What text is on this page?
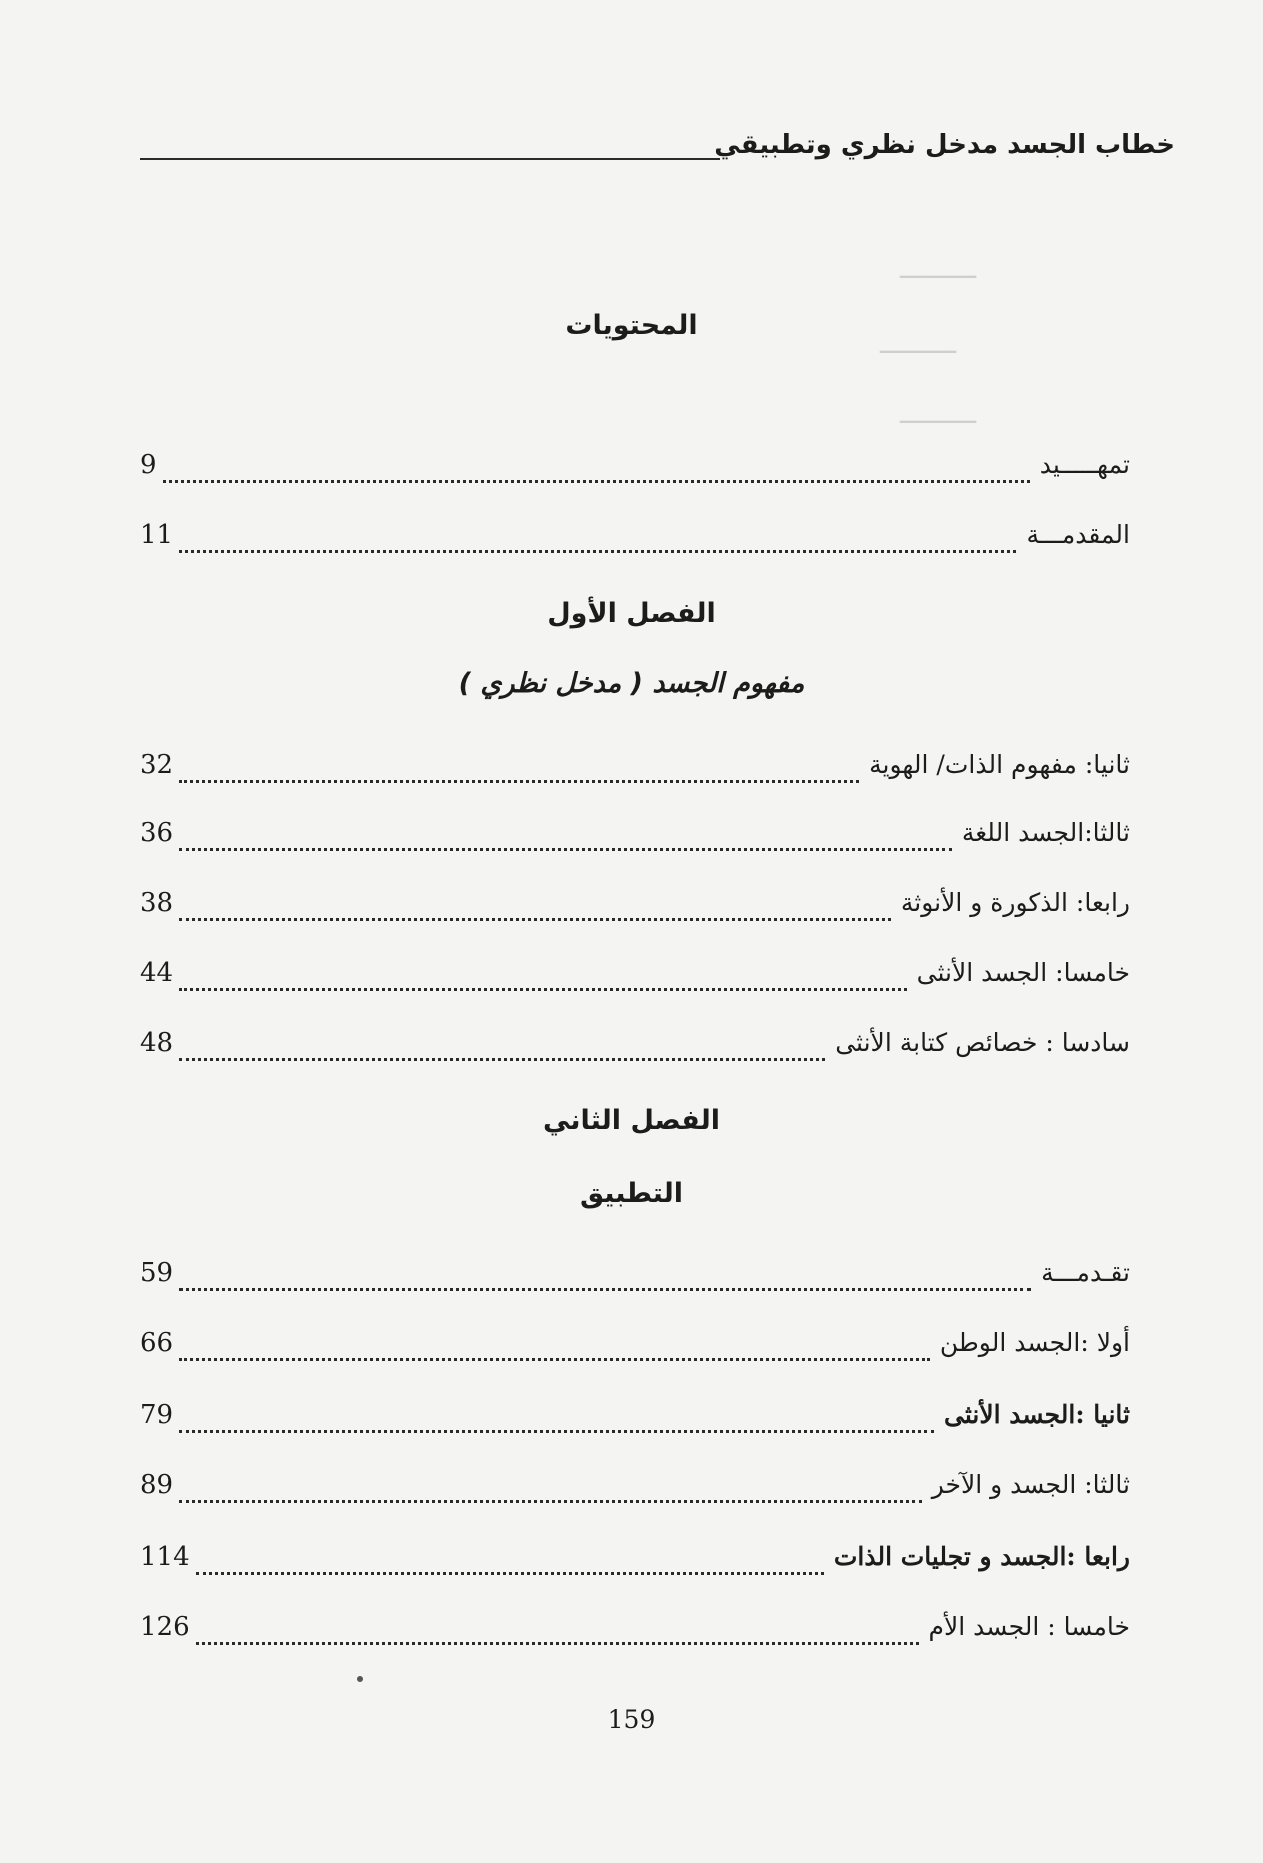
خطاب الجسد مدخل نظري وتطبيقي
ــــــــــ
ــــــــــ
ــــــــــ
المحتويات
تمهـــــيد
9
المقدمـــة
11
الفصل الأول
مفهوم الجسد ( مدخل نظري )
ثانيا: مفهوم الذات/ الهوية
32
ثالثا:الجسد اللغة
36
رابعا: الذكورة و الأنوثة
38
خامسا: الجسد الأنثى
44
سادسا : خصائص كتابة الأنثى
48
الفصل الثاني
التطبيق
تقـدمـــة
59
أولا :الجسد الوطن
66
ثانيا :الجسد الأنثى
79
ثالثا: الجسد و الآخر
89
رابعا :الجسد و تجليات الذات
114
خامسا : الجسد الأم
126
159
